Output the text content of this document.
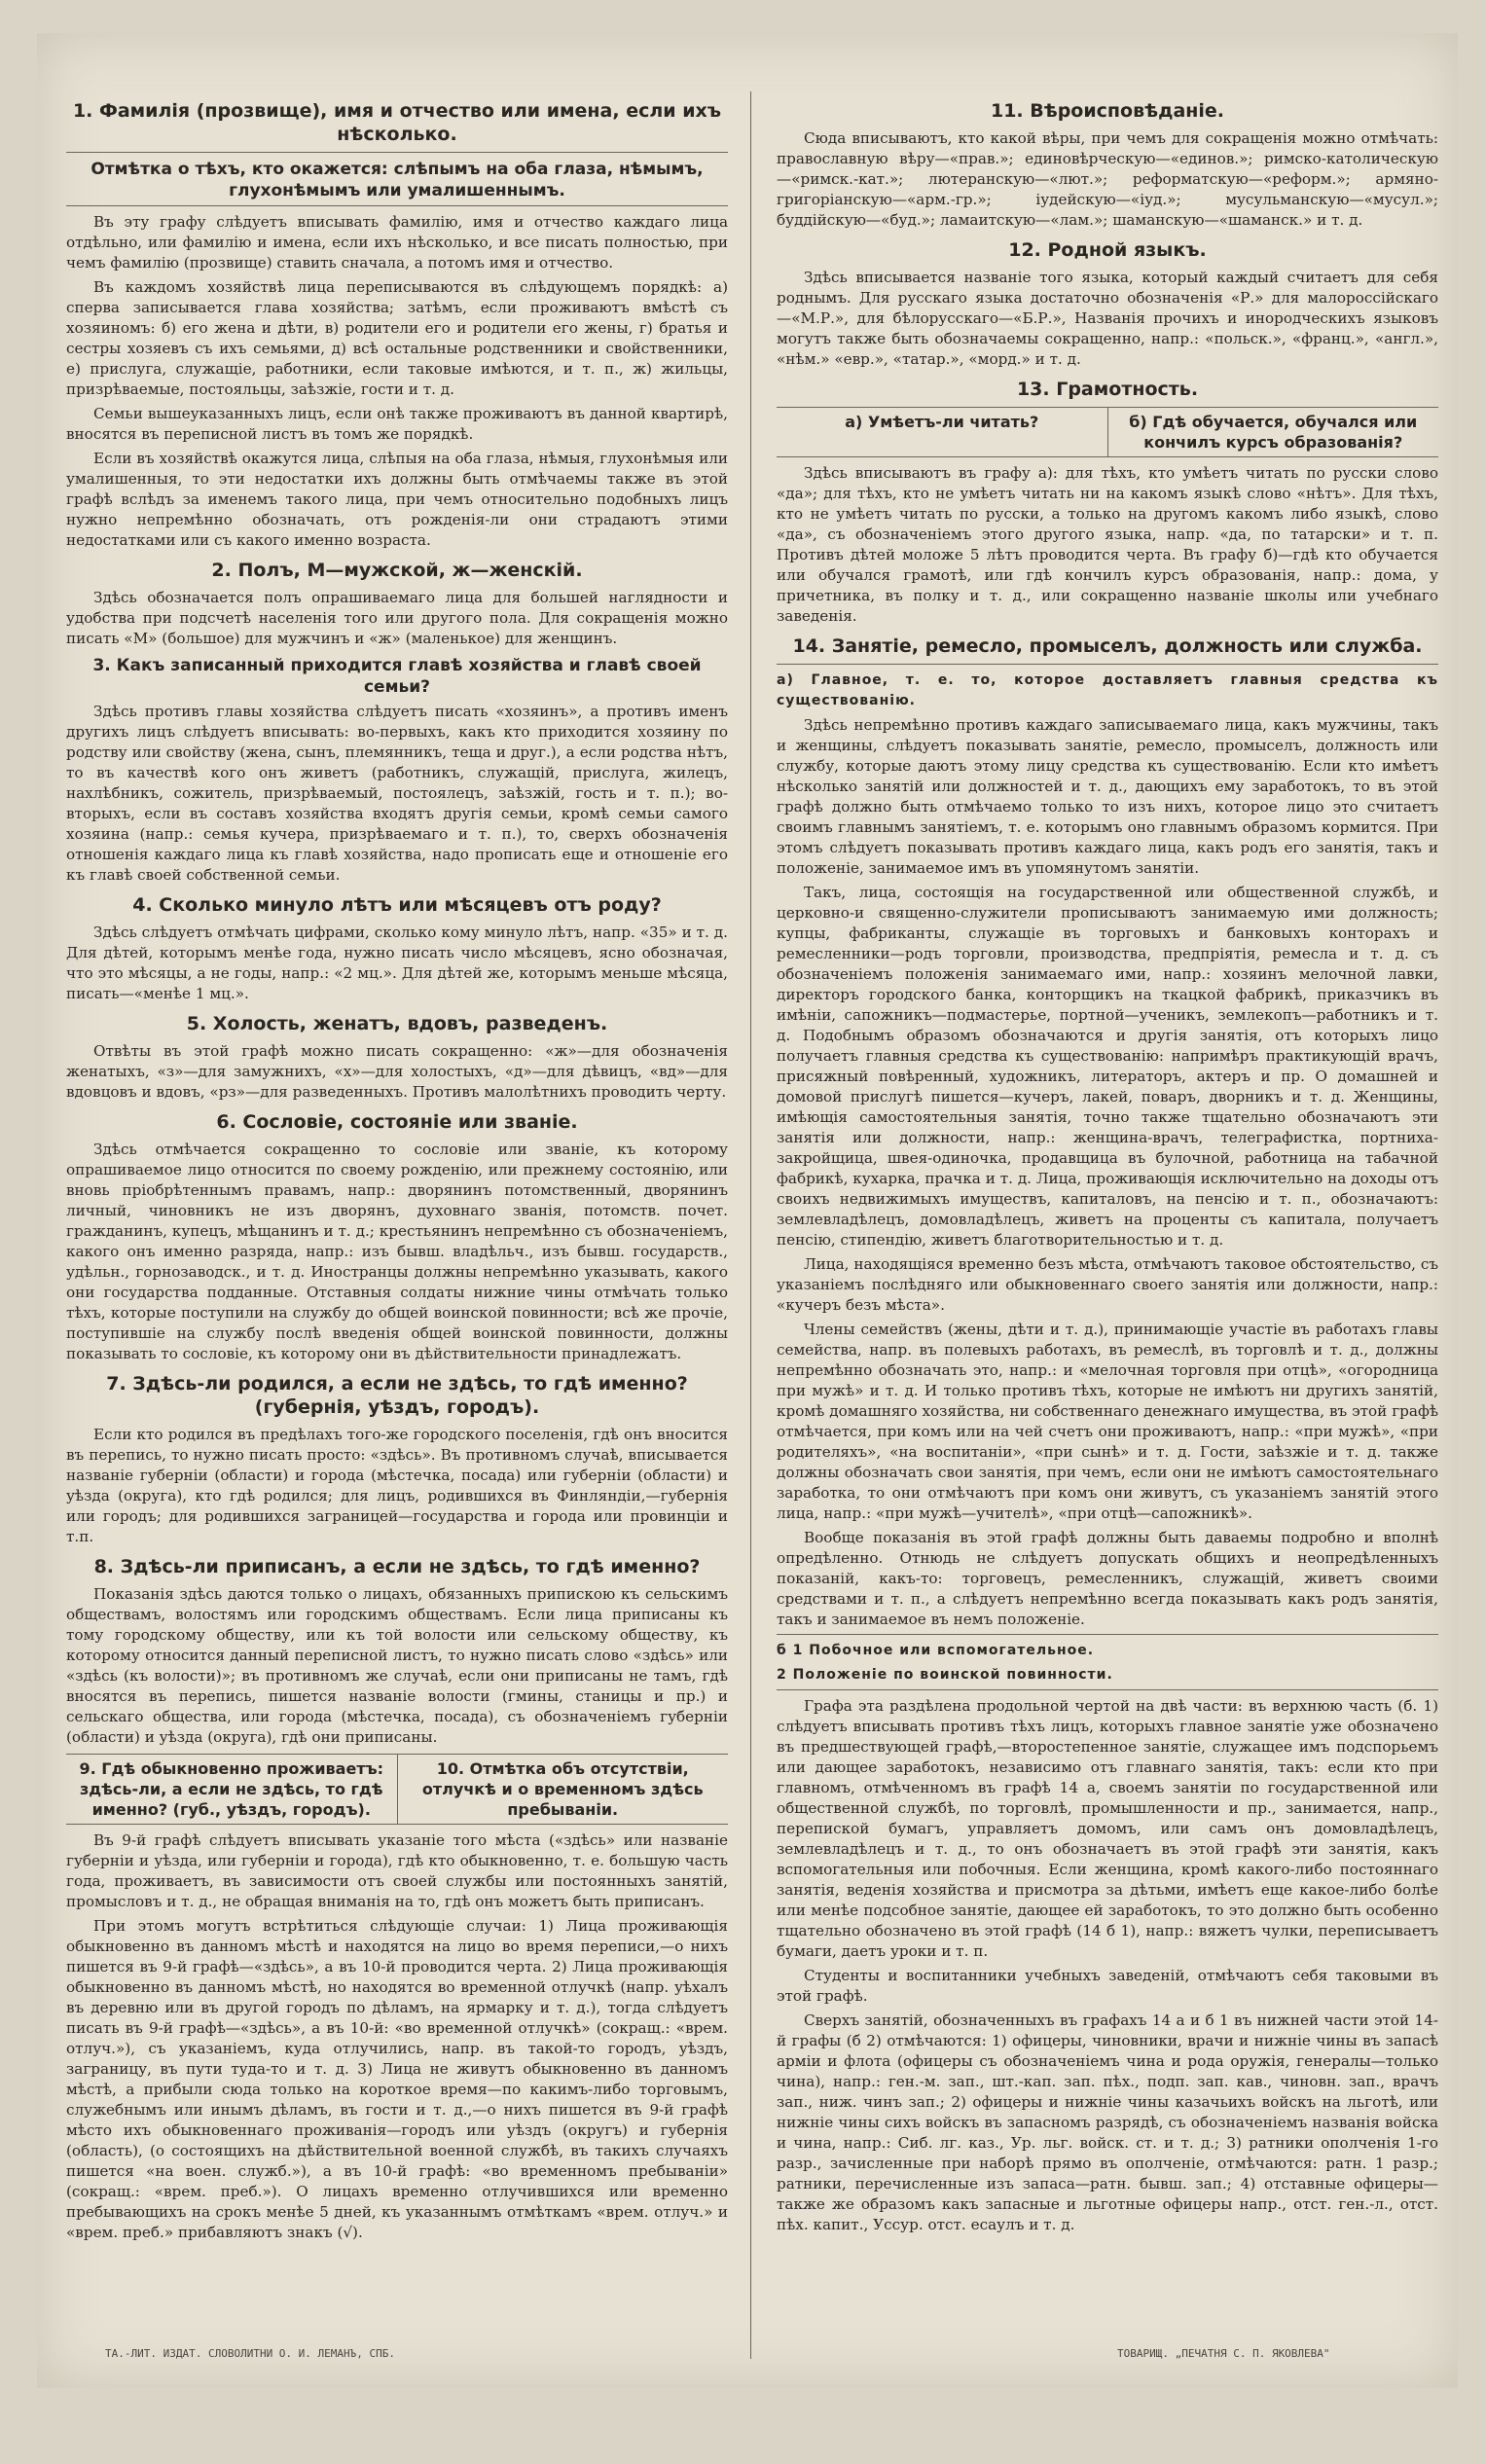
1. Фамилія (прозвище), имя и отчество или имена, если ихъ нѣсколько.
Отмѣтка о тѣхъ, кто окажется: слѣпымъ на оба глаза, нѣмымъ, глухонѣмымъ или умалишеннымъ.

Въ эту графу слѣдуетъ вписывать фамилію, имя и отчество каждаго лица отдѣльно, или фамилію и имена, если ихъ нѣсколько, и все писать полностью, при чемъ фамилію (прозвище) ставить сначала, а потомъ имя и отчество.

Въ каждомъ хозяйствѣ лица переписываются въ слѣдующемъ порядкѣ: а) сперва записывается глава хозяйства; затѣмъ, если проживаютъ вмѣстѣ съ хозяиномъ: б) его жена и дѣти, в) родители его и родители его жены, г) братья и сестры хозяевъ съ ихъ семьями, д) всѣ остальные родственники и свойственники, е) прислуга, служащіе, работники, если таковые имѣются, и т. п., ж) жильцы, призрѣваемые, постояльцы, заѣзжіе, гости и т. д.

Семьи вышеуказанныхъ лицъ, если онѣ также проживаютъ въ данной квартирѣ, вносятся въ переписной листъ въ томъ же порядкѣ.

Если въ хозяйствѣ окажутся лица, слѣпыя на оба глаза, нѣмыя, глухонѣмыя или умалишенныя, то эти недостатки ихъ должны быть отмѣчаемы также въ этой графѣ вслѣдъ за именемъ такого лица, при чемъ относительно подобныхъ лицъ нужно непремѣнно обозначать, отъ рожденія-ли они страдаютъ этими недостатками или съ какого именно возраста.

2. Полъ, М—мужской, ж—женскій.

Здѣсь обозначается полъ опрашиваемаго лица для большей наглядности и удобства при подсчетѣ населенія того или другого пола. Для сокращенія можно писать «М» (большое) для мужчинъ и «ж» (маленькое) для женщинъ.

3. Какъ записанный приходится главѣ хозяйства и главѣ своей семьи?

Здѣсь противъ главы хозяйства слѣдуетъ писать «хозяинъ», а противъ именъ другихъ лицъ слѣдуетъ вписывать: во-первыхъ, какъ кто приходится хозяину по родству или свойству (жена, сынъ, племянникъ, теща и друг.), а если родства нѣтъ, то въ качествѣ кого онъ живетъ (работникъ, служащій, прислуга, жилецъ, нахлѣбникъ, сожитель, призрѣваемый, постоялецъ, заѣзжій, гость и т. п.); во-вторыхъ, если въ составъ хозяйства входятъ другія семьи, кромѣ семьи самого хозяина (напр.: семья кучера, призрѣваемаго и т. п.), то, сверхъ обозначенія отношенія каждаго лица къ главѣ хозяйства, надо прописать еще и отношеніе его къ главѣ своей собственной семьи.

4. Сколько минуло лѣтъ или мѣсяцевъ отъ роду?

Здѣсь слѣдуетъ отмѣчать цифрами, сколько кому минуло лѣтъ, напр. «35» и т. д. Для дѣтей, которымъ менѣе года, нужно писать число мѣсяцевъ, ясно обозначая, что это мѣсяцы, а не годы, напр.: «2 мц.». Для дѣтей же, которымъ меньше мѣсяца, писать—«менѣе 1 мц.».

5. Холость, женатъ, вдовъ, разведенъ.

Отвѣты въ этой графѣ можно писать сокращенно: «ж»—для обозначенія женатыхъ, «з»—для замужнихъ, «х»—для холостыхъ, «д»—для дѣвицъ, «вд»—для вдовцовъ и вдовъ, «рз»—для разведенныхъ. Противъ малолѣтнихъ проводить черту.

6. Сословіе, состояніе или званіе.

Здѣсь отмѣчается сокращенно то сословіе или званіе, къ которому опрашиваемое лицо относится по своему рожденію, или прежнему состоянію, или вновь пріобрѣтеннымъ правамъ, напр.: дворянинъ потомственный, дворянинъ личный, чиновникъ не изъ дворянъ, духовнаго званія, потомств. почет. гражданинъ, купецъ, мѣщанинъ и т. д.; крестьянинъ непремѣнно съ обозначеніемъ, какого онъ именно разряда, напр.: изъ бывш. владѣльч., изъ бывш. государств., удѣльн., горнозаводск., и т. д. Иностранцы должны непремѣнно указывать, какого они государства подданные. Отставныя солдаты нижние чины отмѣчать только тѣхъ, которые поступили на службу до общей воинской повинности; всѣ же прочіе, поступившіе на службу послѣ введенія общей воинской повинности, должны показывать то сословіе, къ которому они въ дѣйствительности принадлежатъ.

7. Здѣсь-ли родился, а если не здѣсь, то гдѣ именно? (губернія, уѣздъ, городъ).

Если кто родился въ предѣлахъ того-же городского поселенія, гдѣ онъ вносится въ перепись, то нужно писать просто: «здѣсь». Въ противномъ случаѣ, вписывается названіе губерніи (области) и города (мѣстечка, посада) или губерніи (области) и уѣзда (округа), кто гдѣ родился; для лицъ, родившихся въ Финляндіи,—губернія или городъ; для родившихся заграницей—государства и города или провинціи и т.п.

8. Здѣсь-ли приписанъ, а если не здѣсь, то гдѣ именно?

Показанія здѣсь даются только о лицахъ, обязанныхъ припискою къ сельскимъ обществамъ, волостямъ или городскимъ обществамъ. Если лица приписаны къ тому городскому обществу, или къ той волости или сельскому обществу, къ которому относится данный переписной листъ, то нужно писать слово «здѣсь» или «здѣсь (къ волости)»; въ противномъ же случаѣ, если они приписаны не тамъ, гдѣ вносятся въ перепись, пишется названіе волости (гмины, станицы и пр.) и сельскаго общества, или города (мѣстечка, посада), съ обозначеніемъ губерніи (области) и уѣзда (округа), гдѣ они приписаны.

9. Гдѣ обыкновенно проживаетъ: здѣсь-ли, а если не здѣсь, то гдѣ именно? (губ., уѣздъ, городъ).
10. Отмѣтка объ отсутствіи, отлучкѣ и о временномъ здѣсь пребываніи.

Въ 9-й графѣ слѣдуетъ вписывать указаніе того мѣста («здѣсь» или названіе губерніи и уѣзда, или губерніи и города), гдѣ кто обыкновенно, т. е. большую часть года, проживаетъ, въ зависимости отъ своей службы или постоянныхъ занятій, промысловъ и т. д., не обращая вниманія на то, гдѣ онъ можетъ быть приписанъ.

При этомъ могутъ встрѣтиться слѣдующіе случаи: 1) Лица проживающія обыкновенно въ данномъ мѣстѣ и находятся на лицо во время переписи,—о нихъ пишется въ 9-й графѣ—«здѣсь», а въ 10-й проводится черта. 2) Лица проживающія обыкновенно въ данномъ мѣстѣ, но находятся во временной отлучкѣ (напр. уѣхалъ въ деревню или въ другой городъ по дѣламъ, на ярмарку и т. д.), тогда слѣдуетъ писать въ 9-й графѣ—«здѣсь», а въ 10-й: «во временной отлучкѣ» (сокращ.: «врем. отлуч.»), съ указаніемъ, куда отлучились, напр. въ такой-то городъ, уѣздъ, заграницу, въ пути туда-то и т. д. 3) Лица не живутъ обыкновенно въ данномъ мѣстѣ, а прибыли сюда только на короткое время—по какимъ-либо торговымъ, служебнымъ или инымъ дѣламъ, въ гости и т. д.,—о нихъ пишется въ 9-й графѣ мѣсто ихъ обыкновеннаго проживанія—городъ или уѣздъ (округъ) и губернія (область), (о состоящихъ на дѣйствительной военной службѣ, въ такихъ случаяхъ пишется «на воен. служб.»), а въ 10-й графѣ: «во временномъ пребываніи» (сокращ.: «врем. преб.»). О лицахъ временно отлучившихся или временно пребывающихъ на срокъ менѣе 5 дней, къ указаннымъ отмѣткамъ «врем. отлуч.» и «врем. преб.» прибавляютъ знакъ (√).

11. Вѣроисповѣданіе.

Сюда вписываютъ, кто какой вѣры, при чемъ для сокращенія можно отмѣчать: православную вѣру—«прав.»; единовѣрческую—«единов.»; римско-католическую—«римск.-кат.»; лютеранскую—«лют.»; реформатскую—«реформ.»; армяно-григоріанскую—«арм.-гр.»; іудейскую—«іуд.»; мусульманскую—«мусул.»; буддійскую—«буд.»; ламаитскую—«лам.»; шаманскую—«шаманск.» и т. д.

12. Родной языкъ.

Здѣсь вписывается названіе того языка, который каждый считаетъ для себя роднымъ. Для русскаго языка достаточно обозначенія «Р.» для малороссійскаго—«М.Р.», для бѣлорусскаго—«Б.Р.», Названія прочихъ и инородческихъ языковъ могутъ также быть обозначаемы сокращенно, напр.: «польск.», «франц.», «англ.», «нѣм.» «евр.», «татар.», «морд.» и т. д.

13. Грамотность.
а) Умѣетъ-ли читать?	б) Гдѣ обучается, обучался или кончилъ курсъ образованія?

Здѣсь вписываютъ въ графу а): для тѣхъ, кто умѣетъ читать по русски слово «да»; для тѣхъ, кто не умѣетъ читать ни на какомъ языкѣ слово «нѣтъ». Для тѣхъ, кто не умѣетъ читать по русски, а только на другомъ какомъ либо языкѣ, слово «да», съ обозначеніемъ этого другого языка, напр. «да, по татарски» и т. п. Противъ дѣтей моложе 5 лѣтъ проводится черта. Въ графу б)—гдѣ кто обучается или обучался грамотѣ, или гдѣ кончилъ курсъ образованія, напр.: дома, у причетника, въ полку и т. д., или сокращенно названіе школы или учебнаго заведенія.

14. Занятіе, ремесло, промыселъ, должность или служба.
а) Главное, т. е. то, которое доставляетъ главныя средства къ существованію.

Здѣсь непремѣнно противъ каждаго записываемаго лица, какъ мужчины, такъ и женщины, слѣдуетъ показывать занятіе, ремесло, промыселъ, должность или службу, которые даютъ этому лицу средства къ существованію. Если кто имѣетъ нѣсколько занятій или должностей и т. д., дающихъ ему заработокъ, то въ этой графѣ должно быть отмѣчаемо только то изъ нихъ, которое лицо это считаетъ своимъ главнымъ занятіемъ, т. е. которымъ оно главнымъ образомъ кормится. При этомъ слѣдуетъ показывать противъ каждаго лица, какъ родъ его занятія, такъ и положеніе, занимаемое имъ въ упомянутомъ занятіи.

Такъ, лица, состоящія на государственной или общественной службѣ, и церковно-и священно-служители прописываютъ занимаемую ими должность; купцы, фабриканты, служащіе въ торговыхъ и банковыхъ конторахъ и ремесленники—родъ торговли, производства, предпріятія, ремесла и т. д. съ обозначеніемъ положенія занимаемаго ими, напр.: хозяинъ мелочной лавки, директоръ городского банка, конторщикъ на ткацкой фабрикѣ, приказчикъ въ имѣніи, сапожникъ—подмастерье, портной—ученикъ, землекопъ—работникъ и т. д. Подобнымъ образомъ обозначаются и другія занятія, отъ которыхъ лицо получаетъ главныя средства къ существованію: напримѣръ практикующій врачъ, присяжный повѣренный, художникъ, литераторъ, актеръ и пр. О домашней и домовой прислугѣ пишется—кучеръ, лакей, поваръ, дворникъ и т. д. Женщины, имѣющія самостоятельныя занятія, точно также тщательно обозначаютъ эти занятія или должности, напр.: женщина-врачъ, телеграфистка, портниха-закройщица, швея-одиночка, продавщица въ булочной, работница на табачной фабрикѣ, кухарка, прачка и т. д. Лица, проживающія исключительно на доходы отъ своихъ недвижимыхъ имуществъ, капиталовъ, на пенсію и т. п., обозначаютъ: землевладѣлецъ, домовладѣлецъ, живетъ на проценты съ капитала, получаетъ пенсію, стипендію, живетъ благотворительностью и т. д.

Лица, находящіяся временно безъ мѣста, отмѣчаютъ таковое обстоятельство, съ указаніемъ послѣдняго или обыкновеннаго своего занятія или должности, напр.: «кучеръ безъ мѣста».

Члены семействъ (жены, дѣти и т. д.), принимающіе участіе въ работахъ главы семейства, напр. въ полевыхъ работахъ, въ ремеслѣ, въ торговлѣ и т. д., должны непремѣнно обозначать это, напр.: и «мелочная торговля при отцѣ», «огородница при мужѣ» и т. д. И только противъ тѣхъ, которые не имѣютъ ни другихъ занятій, кромѣ домашняго хозяйства, ни собственнаго денежнаго имущества, въ этой графѣ отмѣчается, при комъ или на чей счетъ они проживаютъ, напр.: «при мужѣ», «при родителяхъ», «на воспитаніи», «при сынѣ» и т. д. Гости, заѣзжіе и т. д. также должны обозначать свои занятія, при чемъ, если они не имѣютъ самостоятельнаго заработка, то они отмѣчаютъ при комъ они живутъ, съ указаніемъ занятій этого лица, напр.: «при мужѣ—учителѣ», «при отцѣ—сапожникѣ».

Вообще показанія въ этой графѣ должны быть даваемы подробно и вполнѣ опредѣленно. Отнюдь не слѣдуетъ допускать общихъ и неопредѣленныхъ показаній, какъ-то: торговецъ, ремесленникъ, служащій, живетъ своими средствами и т. п., а слѣдуетъ непремѣнно всегда показывать какъ родъ занятія, такъ и занимаемое въ немъ положеніе.

б 1 Побочное или вспомогательное.
2 Положеніе по воинской повинности.

Графа эта раздѣлена продольной чертой на двѣ части: въ верхнюю часть (б. 1) слѣдуетъ вписывать противъ тѣхъ лицъ, которыхъ главное занятіе уже обозначено въ предшествующей графѣ,—второстепенное занятіе, служащее имъ подспорьемъ или дающее заработокъ, независимо отъ главнаго занятія, такъ: если кто при главномъ, отмѣченномъ въ графѣ 14 а, своемъ занятіи по государственной или общественной службѣ, по торговлѣ, промышленности и пр., занимается, напр., перепиской бумагъ, управляетъ домомъ, или самъ онъ домовладѣлецъ, землевладѣлецъ и т. д., то онъ обозначаетъ въ этой графѣ эти занятія, какъ вспомогательныя или побочныя. Если женщина, кромѣ какого-либо постояннаго занятія, веденія хозяйства и присмотра за дѣтьми, имѣетъ еще какое-либо болѣе или менѣе подсобное занятіе, дающее ей заработокъ, то это должно быть особенно тщательно обозначено въ этой графѣ (14 б 1), напр.: вяжетъ чулки, переписываетъ бумаги, даетъ уроки и т. п.

Студенты и воспитанники учебныхъ заведеній, отмѣчаютъ себя таковыми въ этой графѣ.

Сверхъ занятій, обозначенныхъ въ графахъ 14 а и б 1 въ нижней части этой 14-й графы (б 2) отмѣчаются: 1) офицеры, чиновники, врачи и нижніе чины въ запасѣ арміи и флота (офицеры съ обозначеніемъ чина и рода оружія, генералы—только чина), напр.: ген.-м. зап., шт.-кап. зап. пѣх., подп. зап. кав., чиновн. зап., врачъ зап., ниж. чинъ зап.; 2) офицеры и нижніе чины казачьихъ войскъ на льготѣ, или нижніе чины сихъ войскъ въ запасномъ разрядѣ, съ обозначеніемъ названія войска и чина, напр.: Сиб. лг. каз., Ур. льг. войск. ст. и т. д.; 3) ратники ополченія 1-го разр., зачисленные при наборѣ прямо въ ополченіе, отмѣчаются: ратн. 1 разр.; ратники, перечисленные изъ запаса—ратн. бывш. зап.; 4) отставные офицеры—также же образомъ какъ запасные и льготные офицеры напр., отст. ген.-л., отст. пѣх. капит., Уссур. отст. есаулъ и т. д.

ТА.-ЛИТ. ИЗДАТ. СЛОВОЛИТНИ О. И. ЛЕМАНЪ, СПБ.	ТОВАРИЩ. „ПЕЧАТНЯ С. П. ЯКОВЛЕВА"
